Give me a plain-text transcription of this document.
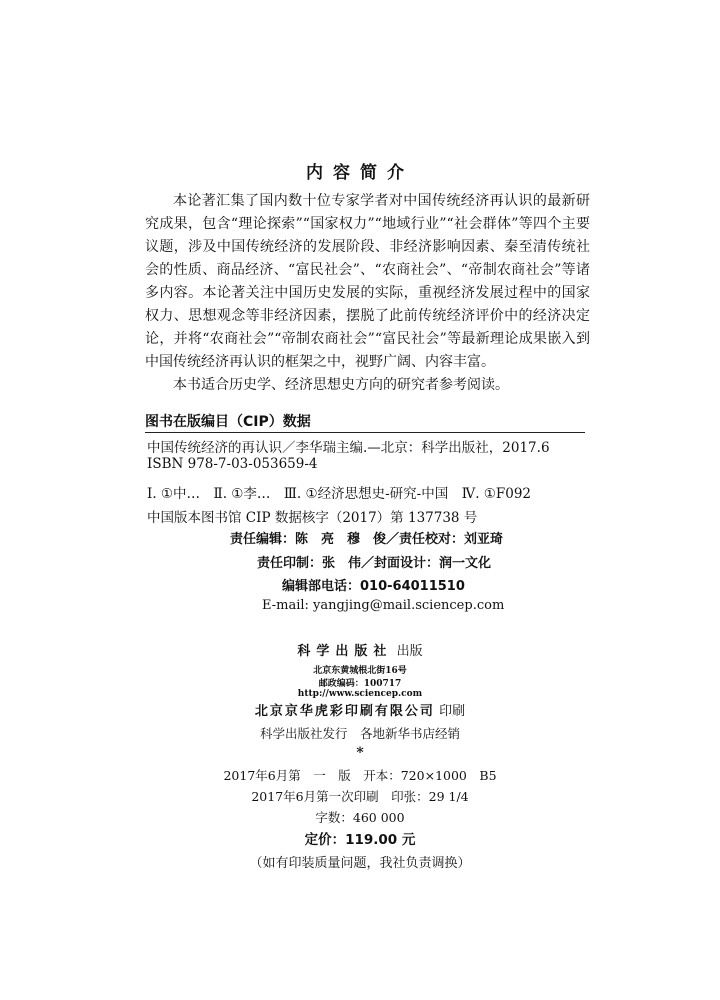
内容简介

本论著汇集了国内数十位专家学者对中国传统经济再认识的最新研究成果，包含“理论探索”“国家权力”“地域行业”“社会群体”等四个主要议题，涉及中国传统经济的发展阶段、非经济影响因素、秦至清传统社会的性质、商品经济、“富民社会”、“农商社会”、“帝制农商社会”等诸多内容。本论著关注中国历史发展的实际，重视经济发展过程中的国家权力、思想观念等非经济因素，摆脱了此前传统经济评价中的经济决定论，并将“农商社会”“帝制农商社会”“富民社会”等最新理论成果嵌入到中国传统经济再认识的框架之中，视野广阔、内容丰富。

本书适合历史学、经济思想史方向的研究者参考阅读。

图书在版编目（CIP）数据
中国传统经济的再认识／李华瑞主编.—北京：科学出版社，2017.6
ISBN 978-7-03-053659-4
Ⅰ. ①中…　Ⅱ. ①李…　Ⅲ. ①经济思想史-研究-中国　Ⅳ. ①F092
中国版本图书馆 CIP 数据核字（2017）第 137738 号
责任编辑：陈　亮　穆　俊／责任校对：刘亚琦
责任印制：张　伟／封面设计：润一文化
编辑部电话：010-64011510
E-mail: yangjing@mail.sciencep.com
科学出版社 出版
北京东黄城根北街16号
邮政编码：100717
http://www.sciencep.com
北京京华虎彩印刷有限公司 印刷
科学出版社发行　各地新华书店经销
*
2017年6月第　一　版　开本：720×1000　B5
2017年6月第一次印刷　印张：29 1/4
字数：460 000
定价：119.00 元
（如有印装质量问题，我社负责调换）
